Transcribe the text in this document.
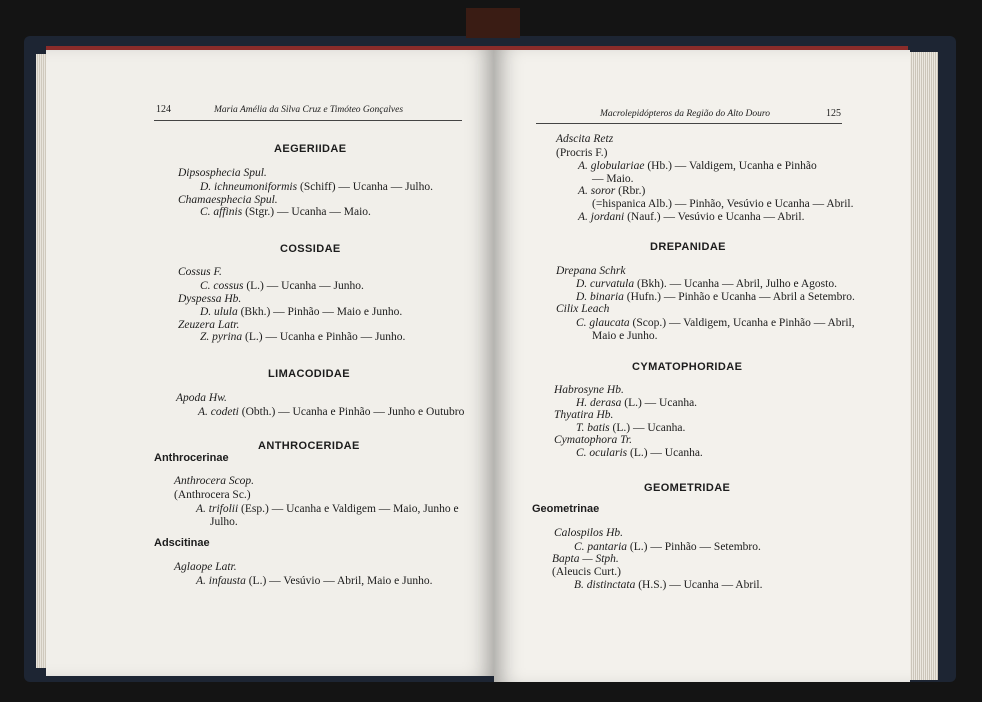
124	Maria Amélia da Silva Cruz e Timóteo Gonçalves
AEGERIIDAE
Dipsosphecia Spul.
D. ichneumoniformis (Schiff) — Ucanha — Julho.
Chamaesphecia Spul.
C. affinis (Stgr.) — Ucanha — Maio.
COSSIDAE
Cossus F.
C. cossus (L.) — Ucanha — Junho.
Dyspessa Hb.
D. ulula (Bkh.) — Pinhão — Maio e Junho.
Zeuzera Latr.
Z. pyrina (L.) — Ucanha e Pinhão — Junho.
LIMACODIDAE
Apoda Hw.
A. codeti (Obth.) — Ucanha e Pinhão — Junho e Outubro
ANTHROCERIDAE
Anthrocerinae
Anthrocera Scop.
(Anthrocera Sc.)
A. trifolii (Esp.) — Ucanha e Valdigem — Maio, Junho e
Julho.
Adscitinae
Aglaope Latr.
A. infausta (L.) — Vesúvio — Abril, Maio e Junho.
Macrolepidópteros da Região do Alto Douro	125
Adscita Retz
(Procris F.)
A. globulariae (Hb.) — Valdigem, Ucanha e Pinhão
— Maio.
A. soror (Rbr.)
(=hispanica Alb.) — Pinhão, Vesúvio e Ucanha — Abril.
A. jordani (Nauf.) — Vesúvio e Ucanha — Abril.
DREPANIDAE
Drepana Schrk
D. curvatula (Bkh). — Ucanha — Abril, Julho e Agosto.
D. binaria (Hufn.) — Pinhão e Ucanha — Abril a Setembro.
Cilix Leach
C. glaucata (Scop.) — Valdigem, Ucanha e Pinhão — Abril,
Maio e Junho.
CYMATOPHORIDAE
Habrosyne Hb.
H. derasa (L.) — Ucanha.
Thyatira Hb.
T. batis (L.) — Ucanha.
Cymatophora Tr.
C. ocularis (L.) — Ucanha.
GEOMETRIDAE
Geometrinae
Calospilos Hb.
C. pantaria (L.) — Pinhão — Setembro.
Bapta — Stph.
(Aleucis Curt.)
B. distinctata (H.S.) — Ucanha — Abril.
